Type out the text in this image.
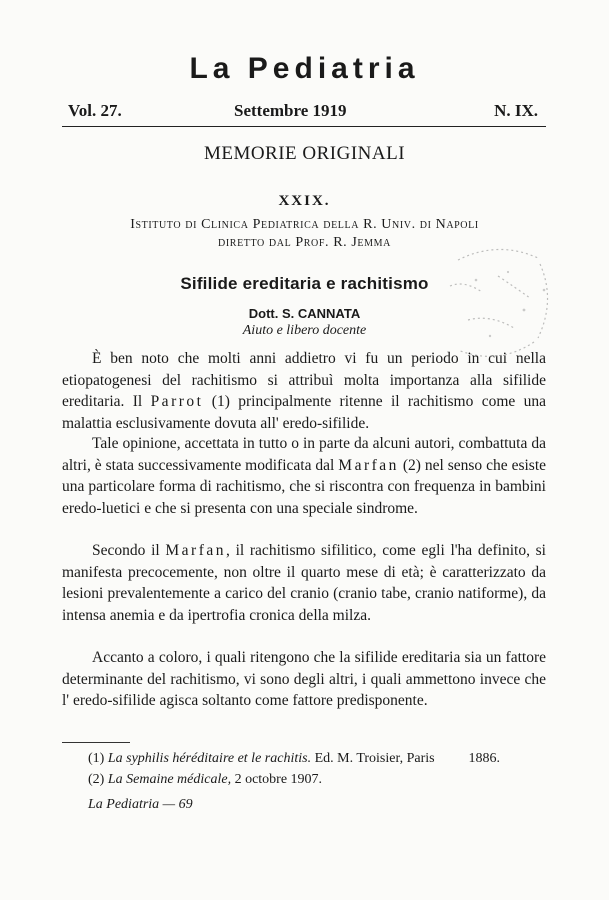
La Pediatria
Vol. 27.	Settembre 1919	N. IX.
MEMORIE ORIGINALI
XXIX.
Istituto di Clinica Pediatrica della R. Univ. di Napoli
diretto dal Prof. R. Jemma
Sifilide ereditaria e rachitismo
Dott. S. CANNATA
Aiuto e libero docente

È ben noto che molti anni addietro vi fu un periodo in cui nella etiopatogenesi del rachitismo si attribuì molta importanza alla sifilide ereditaria. Il Parrot (1) principalmente ritenne il rachitismo come una malattia esclusivamente dovuta all' eredo-sifilide.

Tale opinione, accettata in tutto o in parte da alcuni autori, combattuta da altri, è stata successivamente modificata dal Marfan (2) nel senso che esiste una particolare forma di rachitismo, che si riscontra con frequenza in bambini eredo-luetici e che si presenta con una speciale sindrome.

Secondo il Marfan, il rachitismo sifilitico, come egli l'ha definito, si manifesta precocemente, non oltre il quarto mese di età; è caratterizzato da lesioni prevalentemente a carico del cranio (cranio tabe, cranio natiforme), da intensa anemia e da ipertrofia cronica della milza.

Accanto a coloro, i quali ritengono che la sifilide ereditaria sia un fattore determinante del rachitismo, vi sono degli altri, i quali ammettono invece che l' eredo-sifilide agisca soltanto come fattore predisponente.

(1) La syphilis héréditaire et le rachitis. Ed. M. Troisier, Paris 1886.
(2) La Semaine médicale, 2 octobre 1907.
La Pediatria — 69
